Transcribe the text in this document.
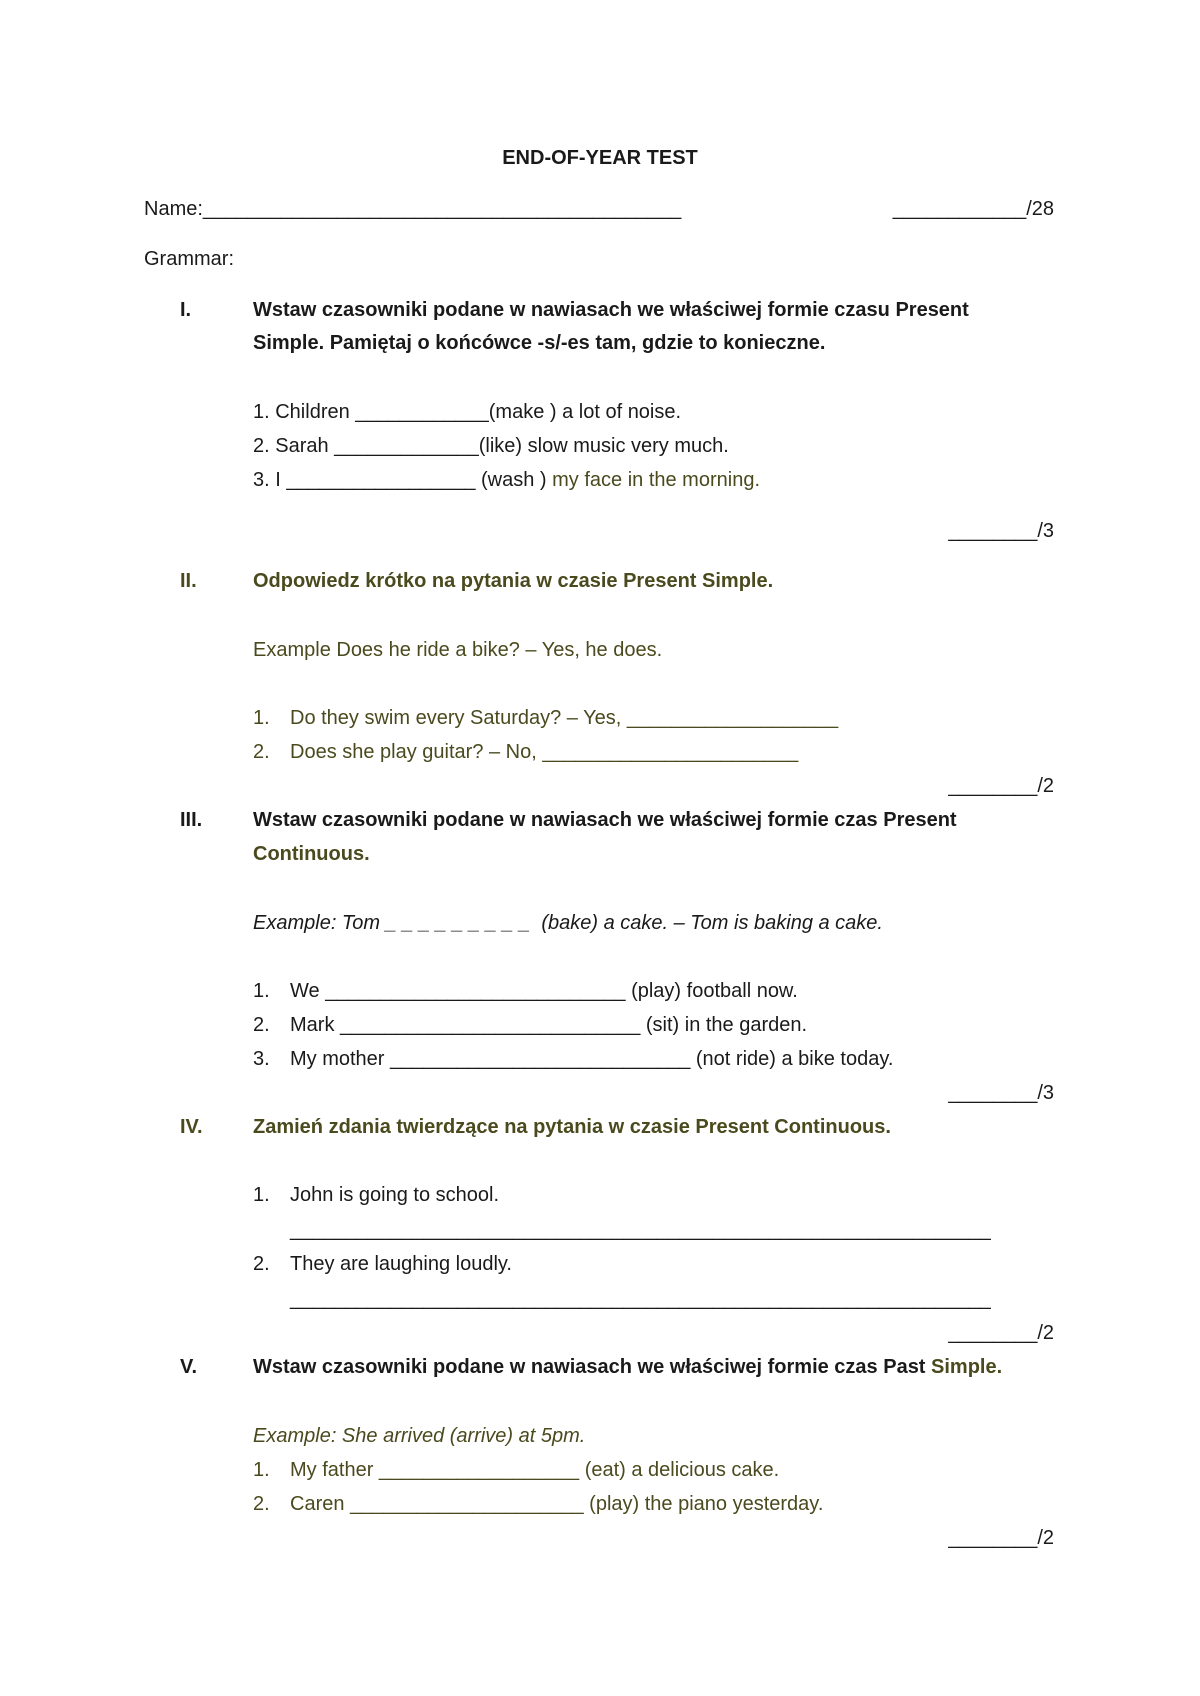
END-OF-YEAR TEST
Name:___________________________________________	____________/28
Grammar:
I.	Wstaw czasowniki podane w nawiasach we właściwej formie czasu Present
Simple. Pamiętaj o końcówce -s/-es tam, gdzie to konieczne.
1. Children ____________(make ) a lot of noise.
2. Sarah _____________(like) slow music very much.
3. I _________________ (wash ) my face in the morning.
________/3
II.	Odpowiedz krótko na pytania w czasie Present Simple.
Example Does he ride a bike? – Yes, he does.
1. Do they swim every Saturday? – Yes, ___________________
2. Does she play guitar? – No, _______________________
________/2
III.	Wstaw czasowniki podane w nawiasach we właściwej formie czas Present
Continuous.
Example: Tom _ _ _ _ _ _ _ _ _  (bake) a cake. – Tom is baking a cake.
1. We ___________________________ (play) football now.
2. Mark ___________________________ (sit) in the garden.
3. My mother ___________________________ (not ride) a bike today.
________/3
IV.	Zamień zdania twierdzące na pytania w czasie Present Continuous.
1. John is going to school.
_______________________________________________________________
2. They are laughing loudly.
_______________________________________________________________
________/2
V.	Wstaw czasowniki podane w nawiasach we właściwej formie czas Past Simple.
Example: She arrived (arrive) at 5pm.
1. My father __________________ (eat) a delicious cake.
2. Caren _____________________ (play) the piano yesterday.
________/2
